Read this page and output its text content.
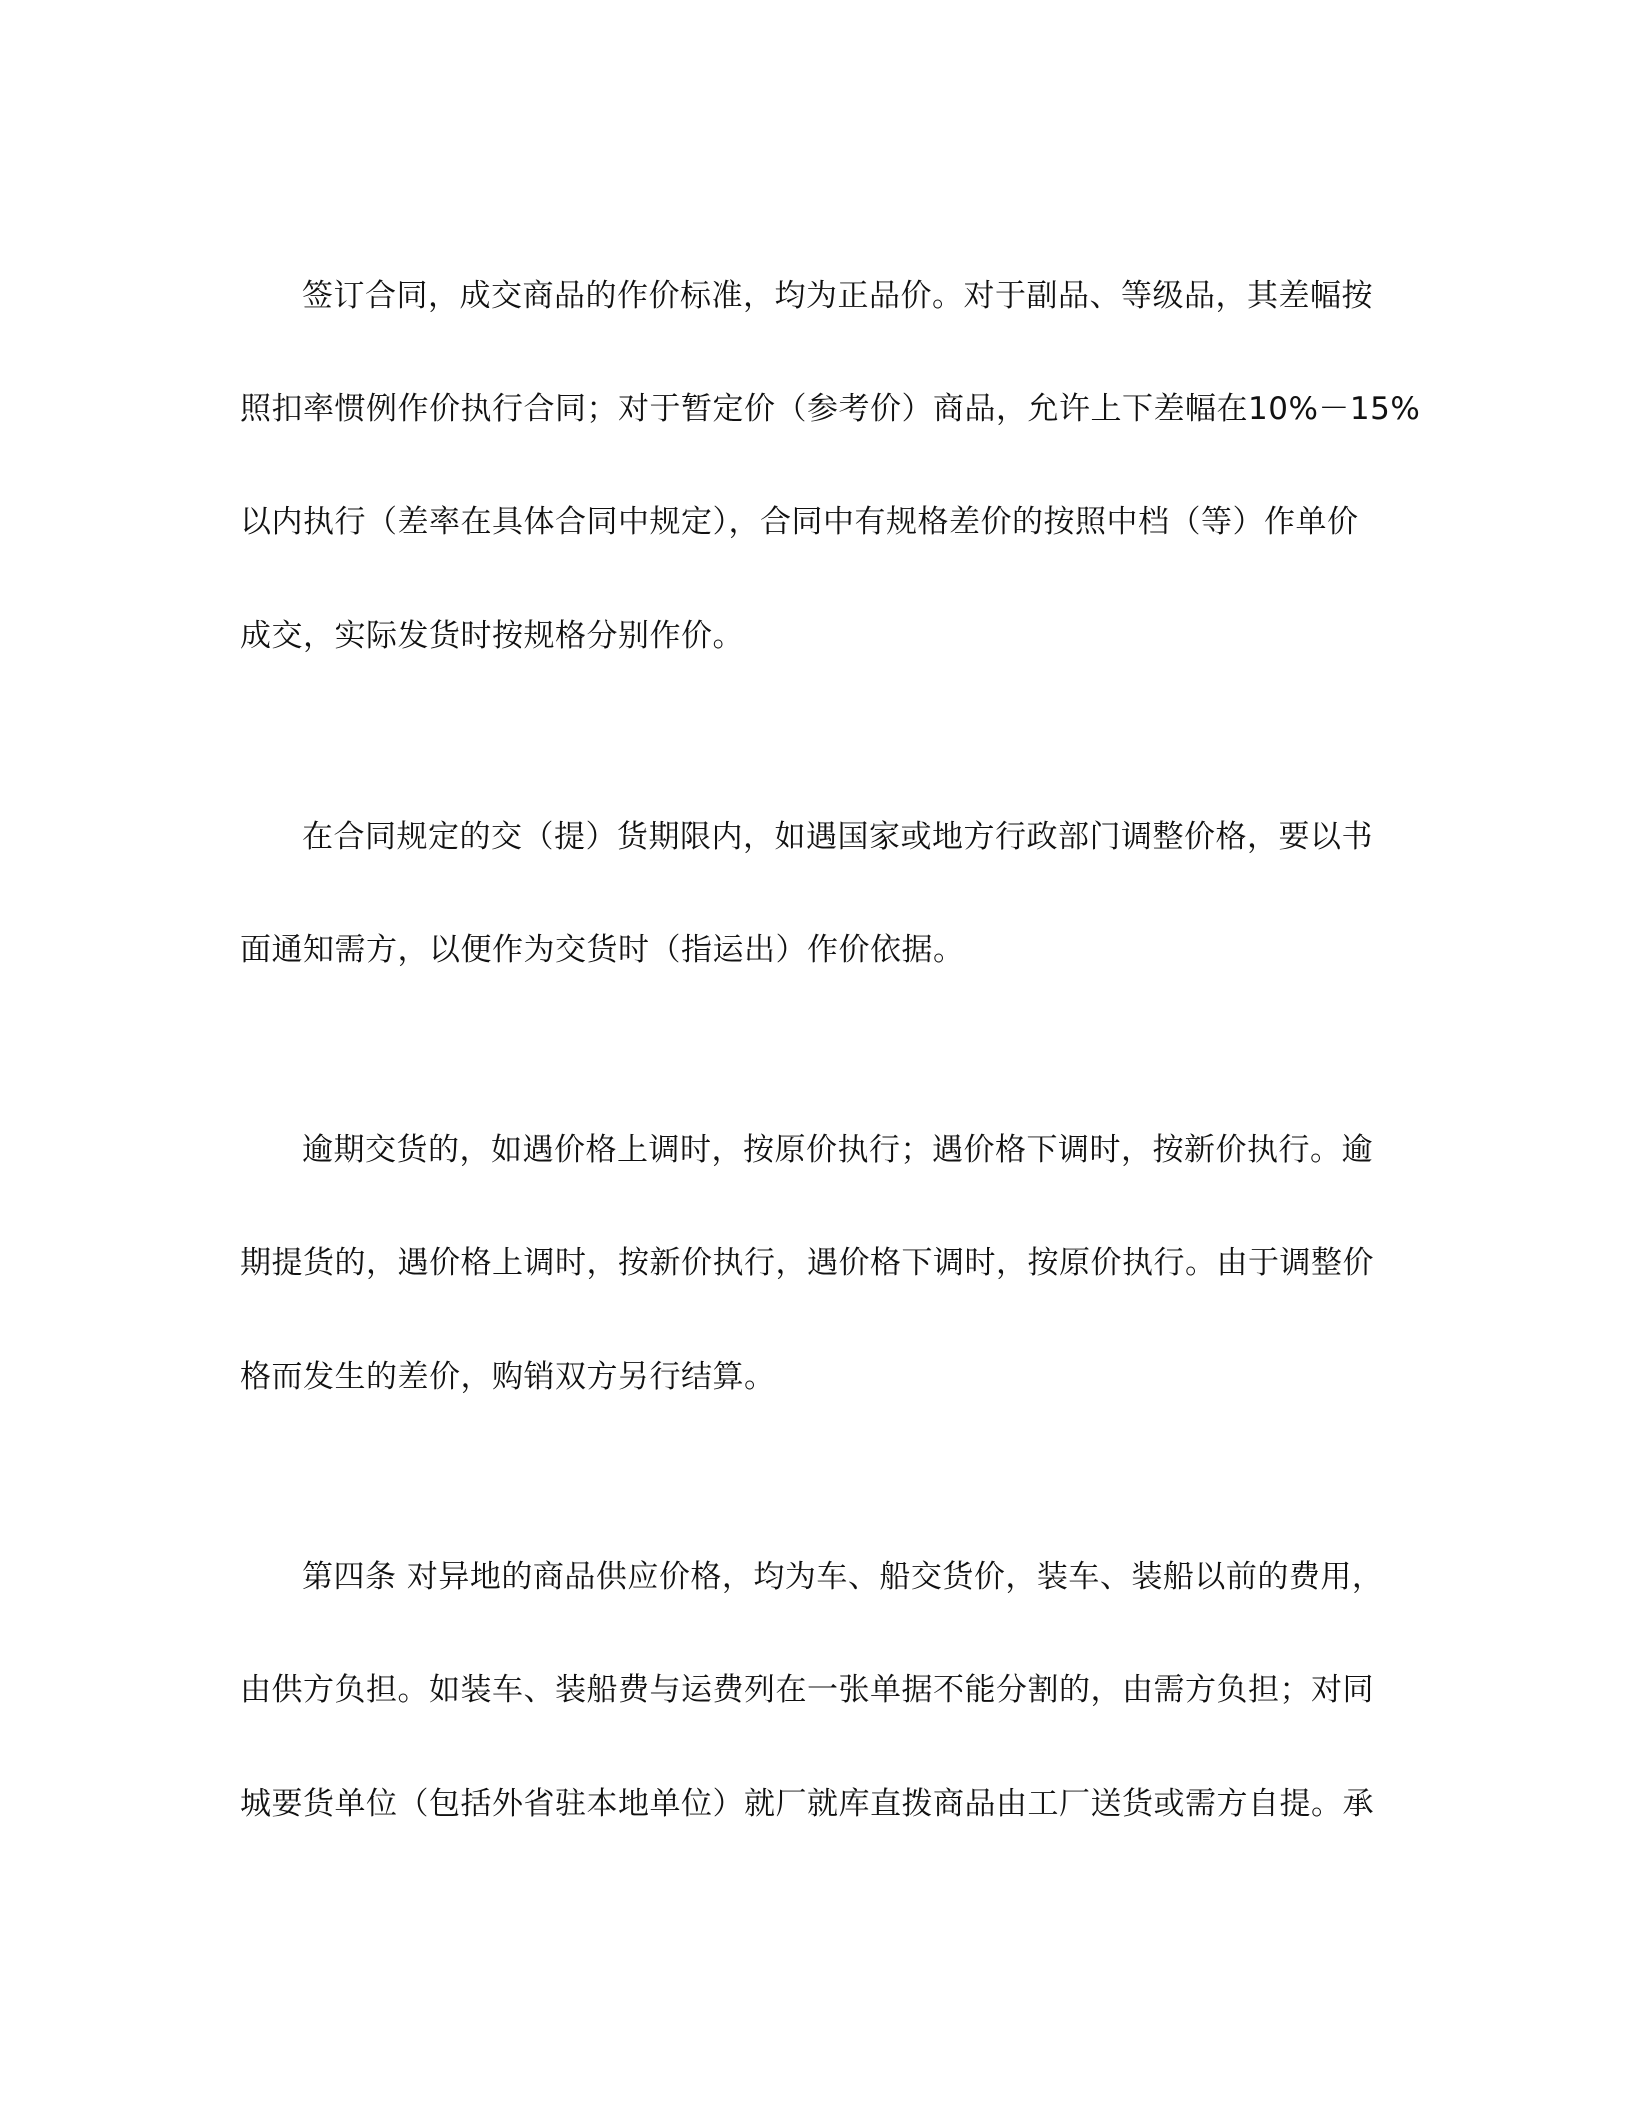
签订合同，成交商品的作价标准，均为正品价。对于副品、等级品，其差幅按
照扣率惯例作价执行合同；对于暂定价（参考价）商品，允许上下差幅在10%－15%
以内执行（差率在具体合同中规定），合同中有规格差价的按照中档（等）作单价
成交，实际发货时按规格分别作价。
在合同规定的交（提）货期限内，如遇国家或地方行政部门调整价格，要以书
面通知需方，以便作为交货时（指运出）作价依据。
逾期交货的，如遇价格上调时，按原价执行；遇价格下调时，按新价执行。逾
期提货的，遇价格上调时，按新价执行，遇价格下调时，按原价执行。由于调整价
格而发生的差价，购销双方另行结算。
第四条 对异地的商品供应价格，均为车、船交货价，装车、装船以前的费用，
由供方负担。如装车、装船费与运费列在一张单据不能分割的，由需方负担；对同
城要货单位（包括外省驻本地单位）就厂就库直拨商品由工厂送货或需方自提。承
